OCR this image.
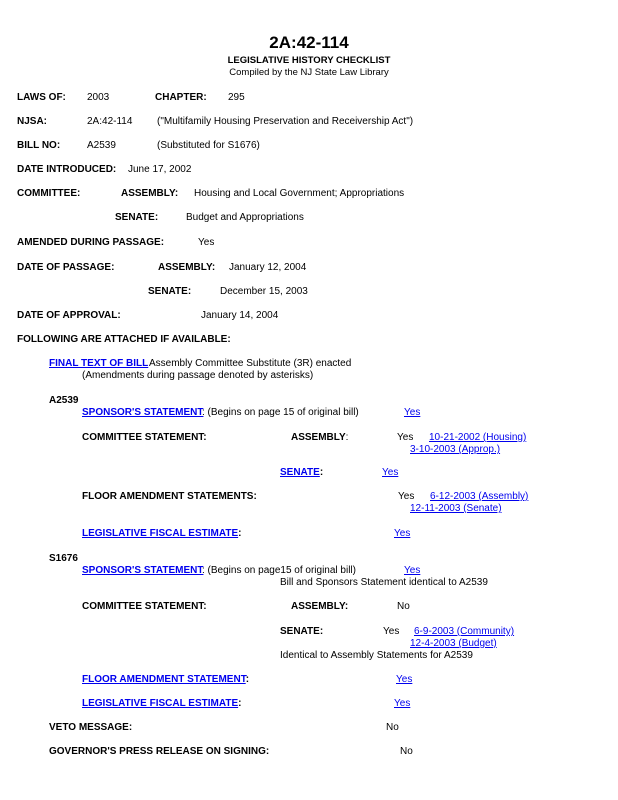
2A:42-114
LEGISLATIVE HISTORY CHECKLIST
Compiled by the NJ State Law Library
LAWS OF: 2003	CHAPTER: 295
NJSA:	2A:42-114 ("Multifamily Housing Preservation and Receivership Act")
BILL NO:	A2539	(Substituted for S1676)
DATE INTRODUCED: June 17, 2002
COMMITTEE:	ASSEMBLY: Housing and Local Government; Appropriations
SENATE:	Budget and Appropriations
AMENDED DURING PASSAGE:	Yes
DATE OF PASSAGE:	ASSEMBLY: January 12, 2004
SENATE:	December 15, 2003
DATE OF APPROVAL:	January 14, 2004
FOLLOWING ARE ATTACHED IF AVAILABLE:
FINAL TEXT OF BILL Assembly Committee Substitute (3R) enacted
(Amendments during passage denoted by asterisks)
A2539
SPONSOR'S STATEMENT
: (Begins on page 15 of original bill)	Yes
COMMITTEE STATEMENT:	ASSEMBLY:	Yes 10-21-2002 (Housing)
3-10-2003 (Approp.)
SENATE:	Yes
FLOOR AMENDMENT STATEMENTS:	Yes 6-12-2003 (Assembly)
12-11-2003 (Senate)
LEGISLATIVE FISCAL ESTIMATE:	Yes
S1676
SPONSOR'S STATEMENT
: (Begins on page15 of original bill)	Yes
Bill and Sponsors Statement identical to A2539
COMMITTEE STATEMENT:	ASSEMBLY:	No
SENATE:	Yes 6-9-2003 (Community)
12-4-2003 (Budget)
Identical to Assembly Statements for A2539
FLOOR AMENDMENT STATEMENT:	Yes
LEGISLATIVE FISCAL ESTIMATE:	Yes
VETO MESSAGE:	No
GOVERNOR'S PRESS RELEASE ON SIGNING:	No
